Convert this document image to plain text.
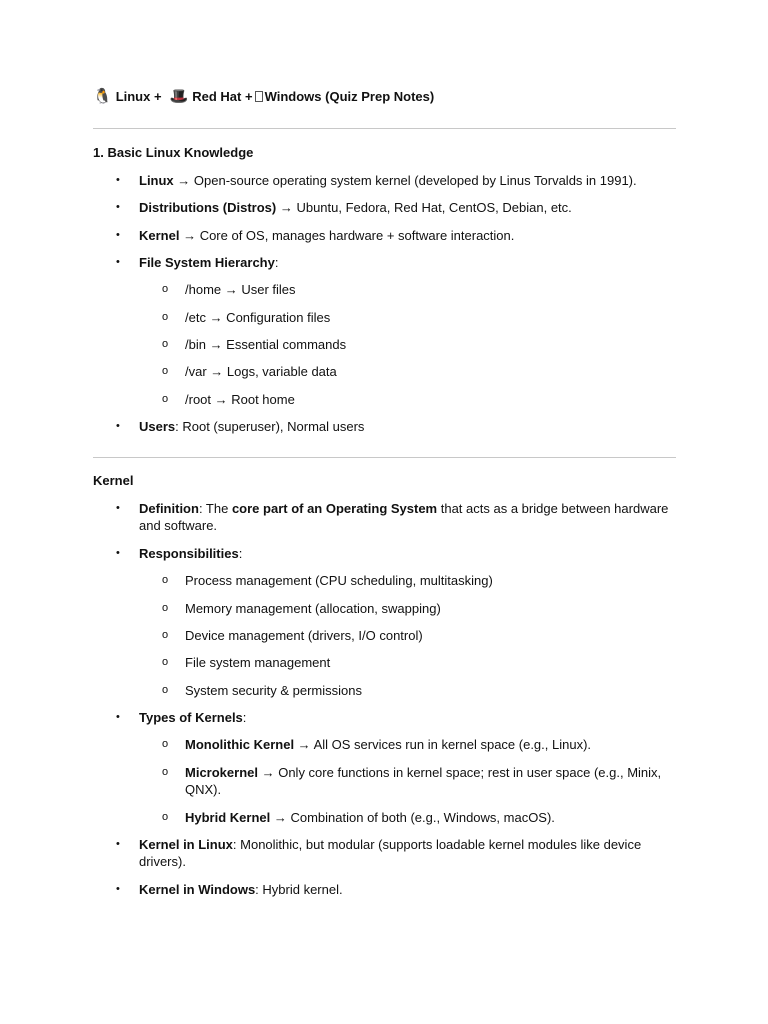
🐧 Linux + 🎩 Red Hat + Windows (Quiz Prep Notes)
1. Basic Linux Knowledge
• Linux → Open-source operating system kernel (developed by Linus Torvalds in 1991).
• Distributions (Distros) → Ubuntu, Fedora, Red Hat, CentOS, Debian, etc.
• Kernel → Core of OS, manages hardware + software interaction.
• File System Hierarchy:
o /home → User files
o /etc → Configuration files
o /bin → Essential commands
o /var → Logs, variable data
o /root → Root home
• Users: Root (superuser), Normal users
Kernel
• Definition: The core part of an Operating System that acts as a bridge between hardware and software.
• Responsibilities:
o Process management (CPU scheduling, multitasking)
o Memory management (allocation, swapping)
o Device management (drivers, I/O control)
o File system management
o System security & permissions
• Types of Kernels:
o Monolithic Kernel → All OS services run in kernel space (e.g., Linux).
o Microkernel → Only core functions in kernel space; rest in user space (e.g., Minix, QNX).
o Hybrid Kernel → Combination of both (e.g., Windows, macOS).
• Kernel in Linux: Monolithic, but modular (supports loadable kernel modules like device drivers).
• Kernel in Windows: Hybrid kernel.
